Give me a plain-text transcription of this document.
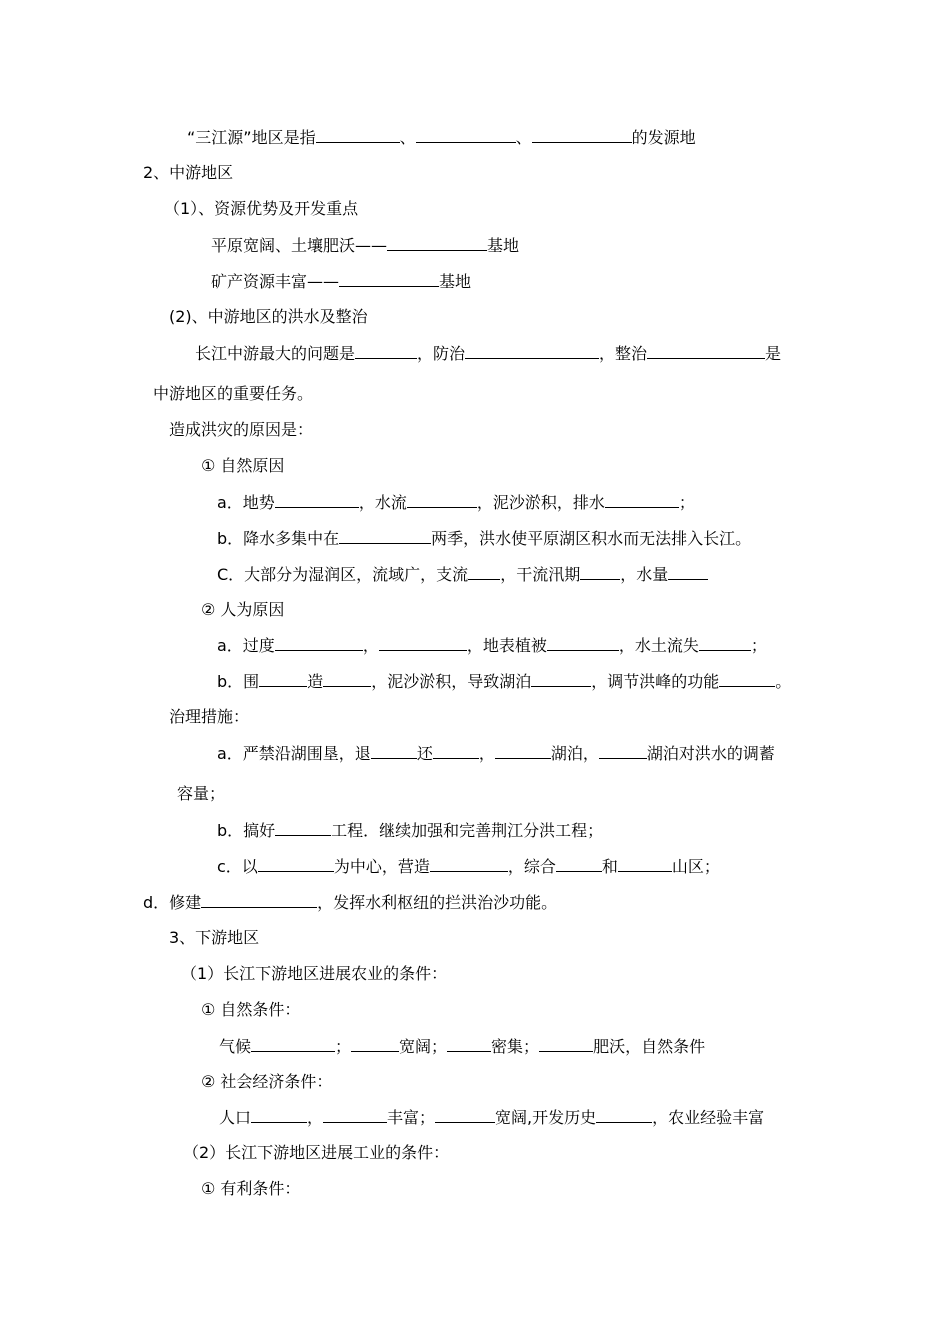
“三江源”地区是指	、	、	的发源地
2、中游地区
（1）、资源优势及开发重点
平原宽阔、土壤肥沃——	基地
矿产资源丰富——	基地
(2)、中游地区的洪水及整治
长江中游最大的问题是	，防治	，整治	是
中游地区的重要任务。
造成洪灾的原因是：
① 自然原因
a．地势	，水流	，泥沙淤积，排水	；
b．降水多集中在	两季，洪水使平原湖区积水而无法排入长江。
C．大部分为湿润区，流域广，支流 ，干流汛期	，水量
② 人为原因
a．过度	，	，地表植被	，水土流失	；
b．围	造	，泥沙淤积，导致湖泊	，调节洪峰的功能	。
治理措施：
a．严禁沿湖围垦，退	还	，	湖泊，	湖泊对洪水的调蓄
容量；
b．搞好	工程．继续加强和完善荆江分洪工程；
c．以	为中心，营造	，综合	和	山区；
d．修建	，发挥水利枢纽的拦洪治沙功能。
3、下游地区
（1）长江下游地区进展农业的条件：
① 自然条件：
气候	；	宽阔；	密集；	肥沃，自然条件
② 社会经济条件：
人口	，	丰富；	宽阔,开发历史	，农业经验丰富
（2）长江下游地区进展工业的条件：
① 有利条件：
